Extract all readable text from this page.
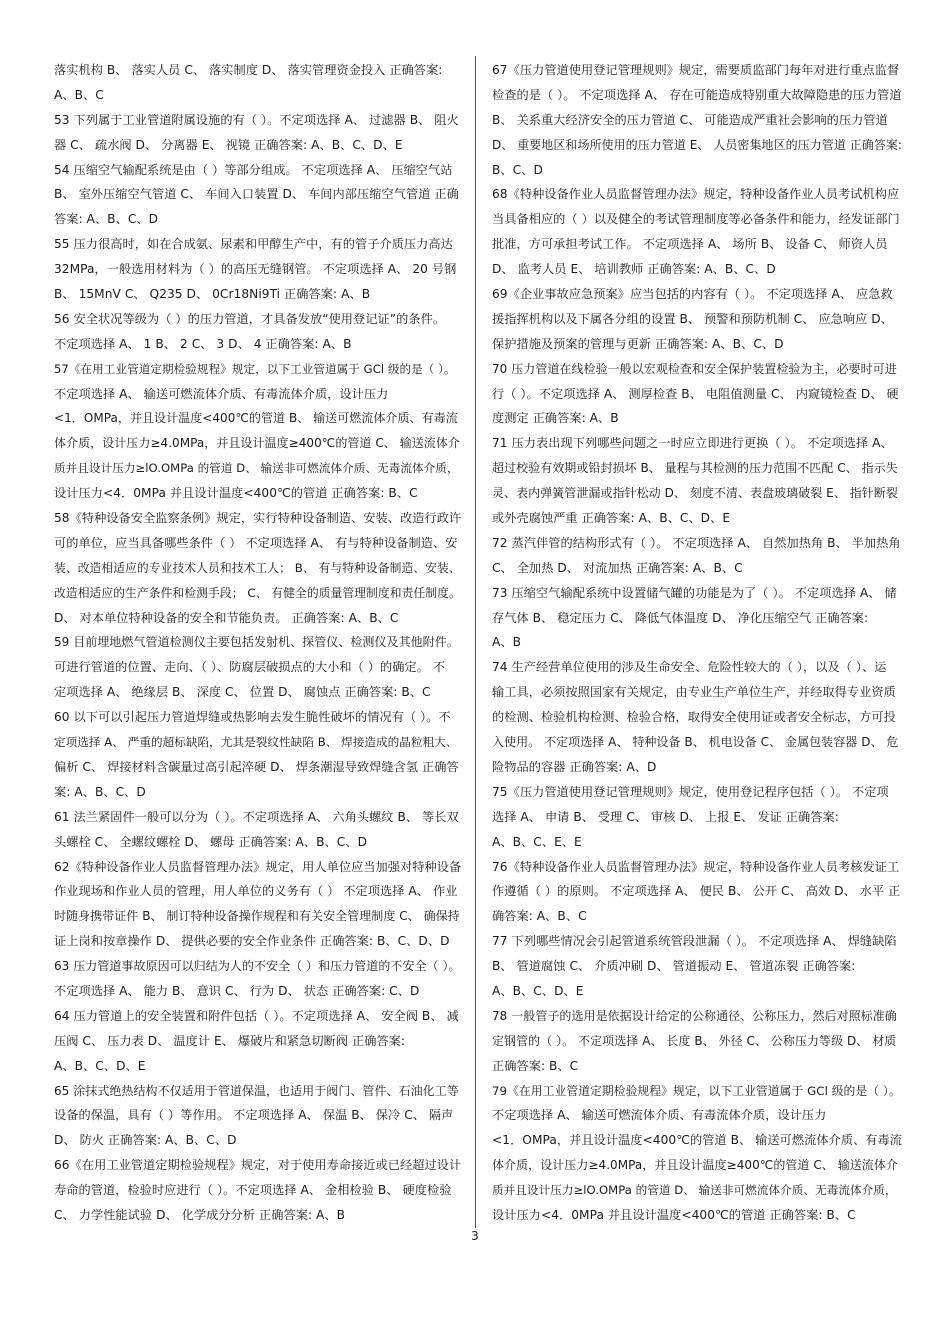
落实机构 B、 落实人员 C、 落实制度 D、 落实管理资金投入 正确答案:
A、B、C
53 下列属于工业管道附属设施的有（ ）。不定项选择 A、 过滤器 B、 阻火
器 C、 疏水阀 D、 分离器 E、 视镜 正确答案: A、B、C、D、E
54 压缩空气输配系统是由（ ）等部分组成。 不定项选择 A、 压缩空气站
B、 室外压缩空气管道 C、 车间入口装置 D、 车间内部压缩空气管道 正确
答案: A、B、C、D
55 压力很高时，如在合成氨、尿素和甲醇生产中，有的管子介质压力高达
32MPa，一般选用材料为（ ）的高压无缝钢管。 不定项选择 A、 20 号钢
B、 15MnV C、 Q235 D、 0Cr18Ni9Ti 正确答案: A、B
56 安全状况等级为（ ）的压力管道，才具备发放“使用登记证”的条件。
不定项选择 A、 1 B、 2 C、 3 D、 4 正确答案: A、B
57《在用工业管道定期检验规程》规定，以下工业管道属于 GCl 级的是（ ）。
不定项选择 A、 输送可燃流体介质、有毒流体介质，设计压力
<1．OMPa，并且设计温度<400℃的管道 B、 输送可燃流体介质、有毒流
体介质，设计压力≥4.0MPa，并且设计温度≥400℃的管道 C、 输送流体介
质并且设计压力≥lO.OMPa 的管道 D、 输送非可燃流体介质、无毒流体介质，
设计压力<4．0MPa 并且设计温度<400℃的管道 正确答案: B、C
58《特种设备安全监察条例》规定，实行特种设备制造、安装、改造行政许
可的单位，应当具备哪些条件（ ） 不定项选择 A、 有与特种设备制造、安
装、改造相适应的专业技术人员和技术工人； B、 有与特种设备制造、安装、
改造相适应的生产条件和检测手段； C、 有健全的质量管理制度和责任制度。
D、 对本单位特种设备的安全和节能负责。 正确答案: A、B、C
59 目前埋地燃气管道检测仪主要包括发射机、探管仪、检测仪及其他附件。
可进行管道的位置、走向、（ ）、防腐层破损点的大小和（ ）的确定。 不
定项选择 A、 绝缘层 B、 深度 C、 位置 D、 腐蚀点 正确答案: B、C
60 以下可以引起压力管道焊缝或热影响去发生脆性破坏的情况有（ ）。不
定项选择 A、 严重的超标缺陷，尤其是裂纹性缺陷 B、 焊接造成的晶粒粗大、
偏析 C、 焊接材料含碳量过高引起淬硬 D、 焊条潮湿导致焊缝含氢 正确答
案: A、B、C、D
61 法兰紧固件一般可以分为（ ）。不定项选择 A、 六角头螺纹 B、 等长双
头螺栓 C、 全螺纹螺栓 D、 螺母 正确答案: A、B、C、D
62《特种设备作业人员监督管理办法》规定，用人单位应当加强对特种设备
作业现场和作业人员的管理，用人单位的义务有（ ） 不定项选择 A、 作业
时随身携带证件 B、 制订特种设备操作规程和有关安全管理制度 C、 确保持
证上岗和按章操作 D、 提供必要的安全作业条件 正确答案: B、C、D、D
63 压力管道事故原因可以归结为人的不安全（ ）和压力管道的不安全（ ）。
不定项选择 A、 能力 B、 意识 C、 行为 D、 状态 正确答案: C、D
64 压力管道上的安全装置和附件包括（ ）。不定项选择 A、 安全阀 B、 减
压阀 C、 压力表 D、 温度计 E、 爆破片和紧急切断阀 正确答案:
A、B、C、D、E
65 涂抹式绝热结构不仅适用于管道保温，也适用于阀门、管件、石油化工等
设备的保温，具有（ ）等作用。 不定项选择 A、 保温 B、 保冷 C、 隔声
D、 防火 正确答案: A、B、C、D
66《在用工业管道定期检验规程》规定，对于使用寿命接近或已经超过设计
寿命的管道，检验时应进行（ ）。不定项选择 A、 金相检验 B、 硬度检验
C、 力学性能试验 D、 化学成分分析 正确答案: A、B
67《压力管道使用登记管理规则》规定，需要质监部门每年对进行重点监督
检查的是（ ）。 不定项选择 A、 存在可能造成特别重大故障隐患的压力管道
B、 关系重大经济安全的压力管道 C、 可能造成严重社会影响的压力管道
D、 重要地区和场所使用的压力管道 E、 人员密集地区的压力管道 正确答案:
B、C、D
68《特种设备作业人员监督管理办法》规定，特种设备作业人员考试机构应
当具备相应的（ ）以及健全的考试管理制度等必备条件和能力，经发证部门
批准，方可承担考试工作。 不定项选择 A、 场所 B、 设备 C、 师资人员
D、 监考人员 E、 培训教师 正确答案: A、B、C、D
69《企业事故应急预案》应当包括的内容有（ ）。 不定项选择 A、 应急救
援指挥机构以及下属各分组的设置 B、 预警和预防机制 C、 应急响应 D、
保护措施及预案的管理与更新 正确答案: A、B、C、D
70 压力管道在线检验一般以宏观检查和安全保护装置检验为主，必要时可进
行（ ）。不定项选择 A、 测厚检查 B、 电阻值测量 C、 内窥镜检查 D、 硬
度测定 正确答案: A、B
71 压力表出现下列哪些问题之一时应立即进行更换（ ）。 不定项选择 A、
超过校验有效期或铅封损坏 B、 量程与其检测的压力范围不匹配 C、 指示失
灵、表内弹簧管泄漏或指针松动 D、 刻度不清、表盘玻璃破裂 E、 指针断裂
或外壳腐蚀严重 正确答案: A、B、C、D、E
72 蒸汽伴管的结构形式有（ ）。 不定项选择 A、 自然加热角 B、 半加热角
C、 全加热 D、 对流加热 正确答案: A、B、C
73 压缩空气输配系统中设置储气罐的功能是为了（ ）。 不定项选择 A、 储
存气体 B、 稳定压力 C、 降低气体温度 D、 净化压缩空气 正确答案:
A、B
74 生产经营单位使用的涉及生命安全、危险性较大的（ ），以及（ ）、运
输工具，必须按照国家有关规定，由专业生产单位生产，并经取得专业资质
的检测、检验机构检测、检验合格，取得安全使用证或者安全标志，方可投
入使用。 不定项选择 A、 特种设备 B、 机电设备 C、 金属包装容器 D、 危
险物品的容器 正确答案: A、D
75《压力管道使用登记管理规则》规定，使用登记程序包括（ ）。 不定项
选择 A、 申请 B、 受理 C、 审核 D、 上报 E、 发证 正确答案:
A、B、C、E、E
76《特种设备作业人员监督管理办法》规定，特种设备作业人员考核发证工
作遵循（ ）的原则。 不定项选择 A、 便民 B、 公开 C、 高效 D、 水平 正
确答案: A、B、C
77 下列哪些情况会引起管道系统管段泄漏（ ）。 不定项选择 A、 焊缝缺陷
B、 管道腐蚀 C、 介质冲刷 D、 管道振动 E、 管道冻裂 正确答案:
A、B、C、D、E
78 一般管子的选用是依据设计给定的公称通径、公称压力，然后对照标准确
定钢管的（ ）。 不定项选择 A、 长度 B、 外径 C、 公称压力等级 D、 材质
正确答案: B、C
79《在用工业管道定期检验规程》规定，以下工业管道属于 GCl 级的是（ ）。
不定项选择 A、 输送可燃流体介质、有毒流体介质，设计压力
<1．OMPa，并且设计温度<400℃的管道 B、 输送可燃流体介质、有毒流
体介质，设计压力≥4.0MPa，并且设计温度≥400℃的管道 C、 输送流体介
质并且设计压力≥lO.OMPa 的管道 D、 输送非可燃流体介质、无毒流体介质，
设计压力<4．0MPa 并且设计温度<400℃的管道 正确答案: B、C
3
